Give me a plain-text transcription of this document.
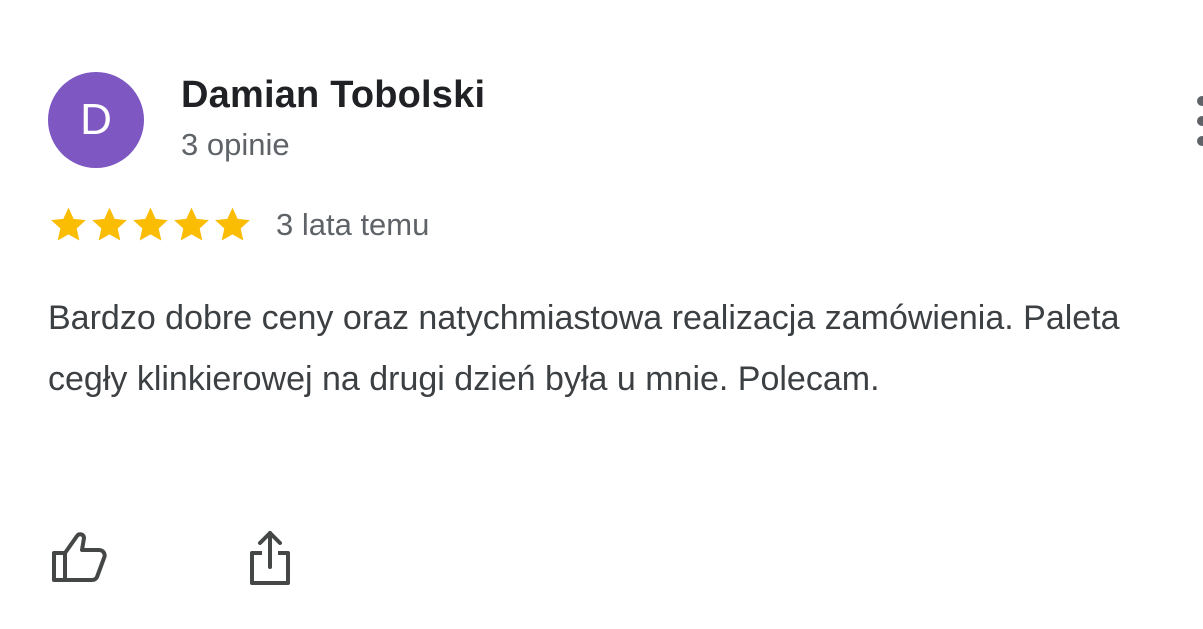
D Damian Tobolski
3 opinie
3 lata temu

Bardzo dobre ceny oraz natychmiastowa realizacja zamówienia. Paleta cegły klinkierowej na drugi dzień była u mnie. Polecam.
